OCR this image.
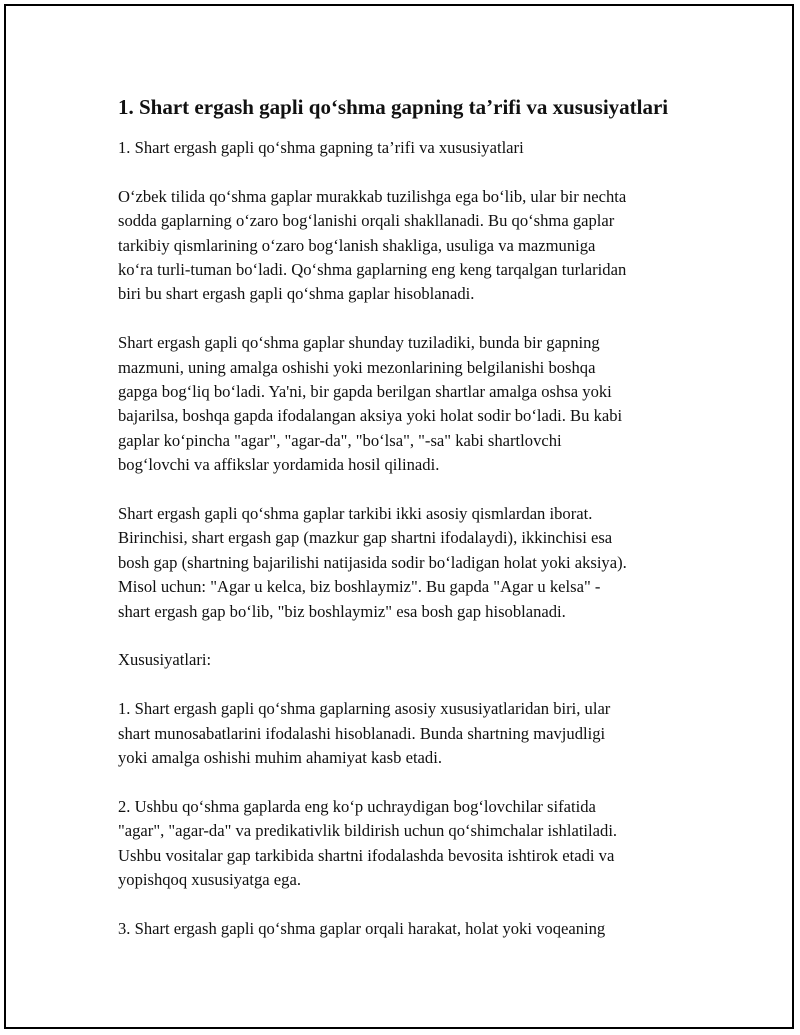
1. Shart ergash gapli qo‘shma gapning ta’rifi va xususiyatlari

1. Shart ergash gapli qo‘shma gapning ta’rifi va xususiyatlari

O‘zbek tilida qo‘shma gaplar murakkab tuzilishga ega bo‘lib, ular bir nechta
sodda gaplarning o‘zaro bog‘lanishi orqali shakllanadi. Bu qo‘shma gaplar
tarkibiy qismlarining o‘zaro bog‘lanish shakliga, usuliga va mazmuniga
ko‘ra turli-tuman bo‘ladi. Qo‘shma gaplarning eng keng tarqalgan turlaridan
biri bu shart ergash gapli qo‘shma gaplar hisoblanadi.

Shart ergash gapli qo‘shma gaplar shunday tuziladiki, bunda bir gapning
mazmuni, uning amalga oshishi yoki mezonlarining belgilanishi boshqa
gapga bog‘liq bo‘ladi. Ya'ni, bir gapda berilgan shartlar amalga oshsa yoki
bajarilsa, boshqa gapda ifodalangan aksiya yoki holat sodir bo‘ladi. Bu kabi
gaplar ko‘pincha "agar", "agar-da", "bo‘lsa", "-sa" kabi shartlovchi
bog‘lovchi va affikslar yordamida hosil qilinadi.

Shart ergash gapli qo‘shma gaplar tarkibi ikki asosiy qismlardan iborat.
Birinchisi, shart ergash gap (mazkur gap shartni ifodalaydi), ikkinchisi esa
bosh gap (shartning bajarilishi natijasida sodir bo‘ladigan holat yoki aksiya).
Misol uchun: "Agar u kelca, biz boshlaymiz". Bu gapda "Agar u kelsa" -
shart ergash gap bo‘lib, "biz boshlaymiz" esa bosh gap hisoblanadi.

Xususiyatlari:

1. Shart ergash gapli qo‘shma gaplarning asosiy xususiyatlaridan biri, ular
shart munosabatlarini ifodalashi hisoblanadi. Bunda shartning mavjudligi
yoki amalga oshishi muhim ahamiyat kasb etadi.

2. Ushbu qo‘shma gaplarda eng ko‘p uchraydigan bog‘lovchilar sifatida
"agar", "agar-da" va predikativlik bildirish uchun qo‘shimchalar ishlatiladi.
Ushbu vositalar gap tarkibida shartni ifodalashda bevosita ishtirok etadi va
yopishqoq xususiyatga ega.

3. Shart ergash gapli qo‘shma gaplar orqali harakat, holat yoki voqeaning
